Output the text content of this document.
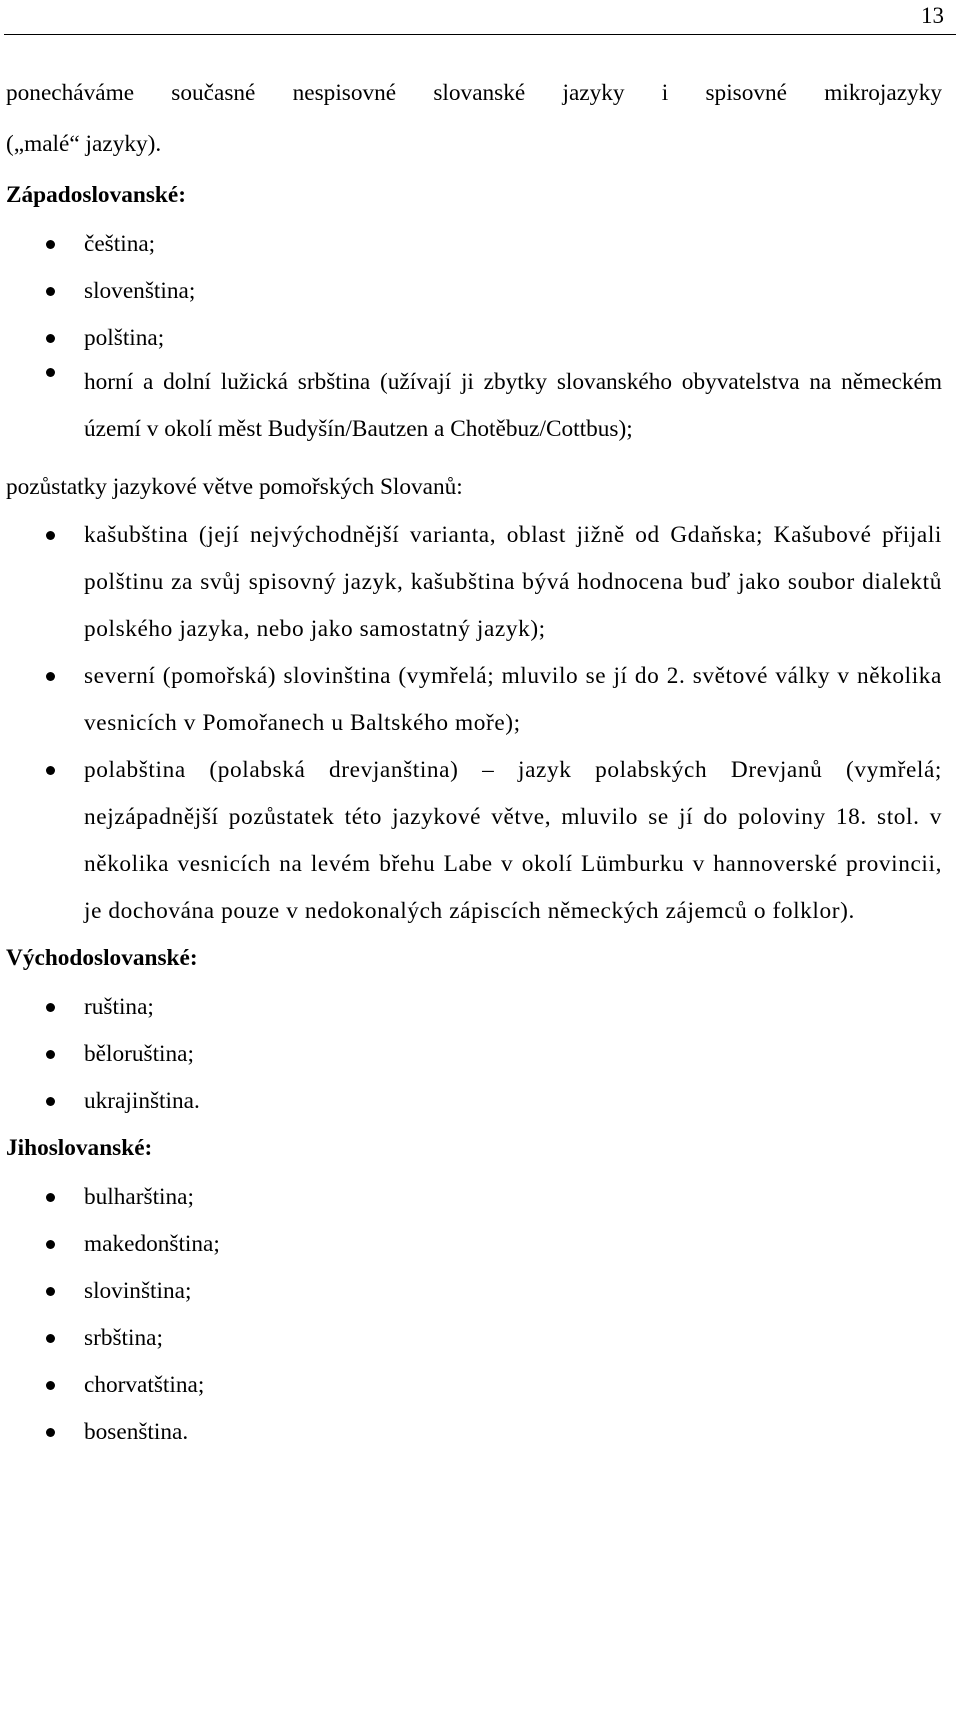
13

ponecháváme současné nespisovné slovanské jazyky i spisovné mikrojazyky
(„malé“ jazyky).

Západoslovanské:

čeština;
slovenština;
polština;
horní a dolní lužická srbština (užívají ji zbytky slovanského obyvatelstva na německém území v okolí měst Budyšín/Bautzen a Chotěbuz/Cottbus);

pozůstatky jazykové větve pomořských Slovanů:

kašubština (její nejvýchodnější varianta, oblast jižně od Gdaňska; Kašubové přijali polštinu za svůj spisovný jazyk, kašubština bývá hodnocena buď jako soubor dialektů polského jazyka, nebo jako samostatný jazyk);
severní (pomořská) slovinština (vymřelá; mluvilo se jí do 2. světové války v několika vesnicích v Pomořanech u Baltského moře);
polabština (polabská drevjanština) – jazyk polabských Drevjanů (vymřelá; nejzápadnější pozůstatek této jazykové větve, mluvilo se jí do poloviny 18. stol. v několika vesnicích na levém břehu Labe v okolí Lümburku v hannoverské provincii, je dochována pouze v nedokonalých zápiscích německých zájemců o folklor).

Východoslovanské:

ruština;
běloruština;
ukrajinština.

Jihoslovanské:

bulharština;
makedonština;
slovinština;
srbština;
chorvatština;
bosenština.
